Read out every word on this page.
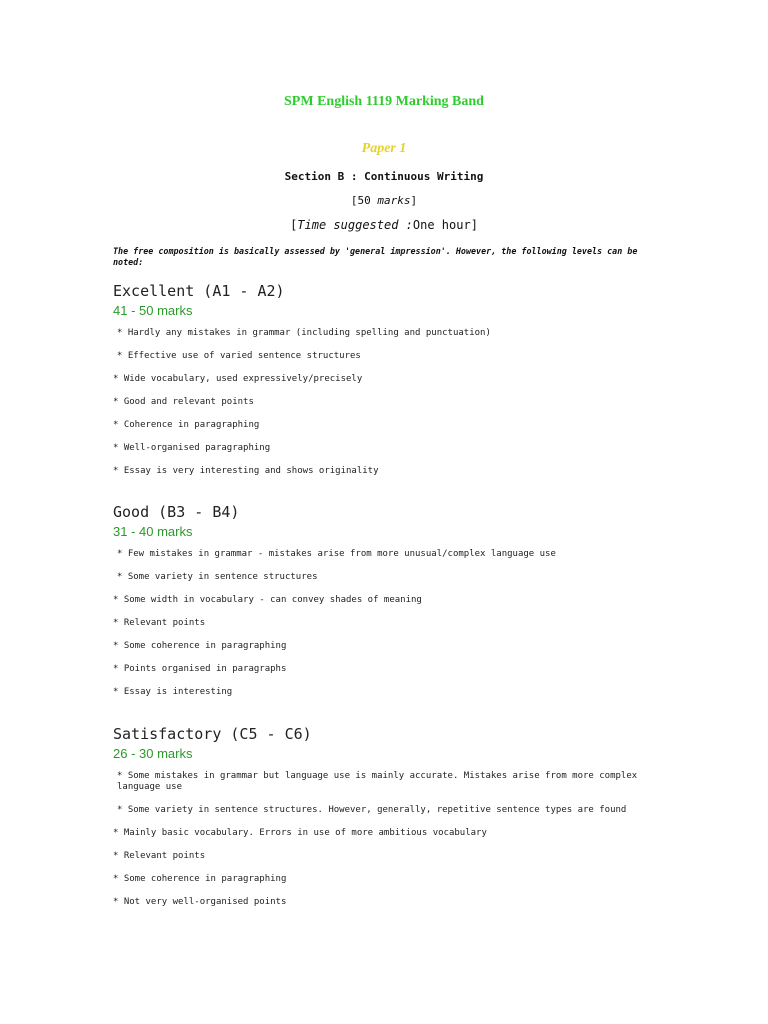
SPM English 1119 Marking Band
Paper 1
Section B : Continuous Writing
[50 marks]
[Time suggested :One hour]
The free composition is basically assessed by 'general impression'. However, the following levels can be noted:
Excellent (A1 - A2)
41 - 50 marks
* Hardly any mistakes in grammar (including spelling and punctuation)
* Effective use of varied sentence structures
* Wide vocabulary, used expressively/precisely
* Good and relevant points
* Coherence in paragraphing
* Well-organised paragraphing
* Essay is very interesting and shows originality
Good (B3 - B4)
31 - 40 marks
* Few mistakes in grammar - mistakes arise from more unusual/complex language use
* Some variety in sentence structures
* Some width in vocabulary - can convey shades of meaning
* Relevant points
* Some coherence in paragraphing
* Points organised in paragraphs
* Essay is interesting
Satisfactory (C5 - C6)
26 - 30 marks
* Some mistakes in grammar but language use is mainly accurate. Mistakes arise from more complex language use
* Some variety in sentence structures. However, generally, repetitive sentence types are found
* Mainly basic vocabulary. Errors in use of more ambitious vocabulary
* Relevant points
* Some coherence in paragraphing
* Not very well-organised points
